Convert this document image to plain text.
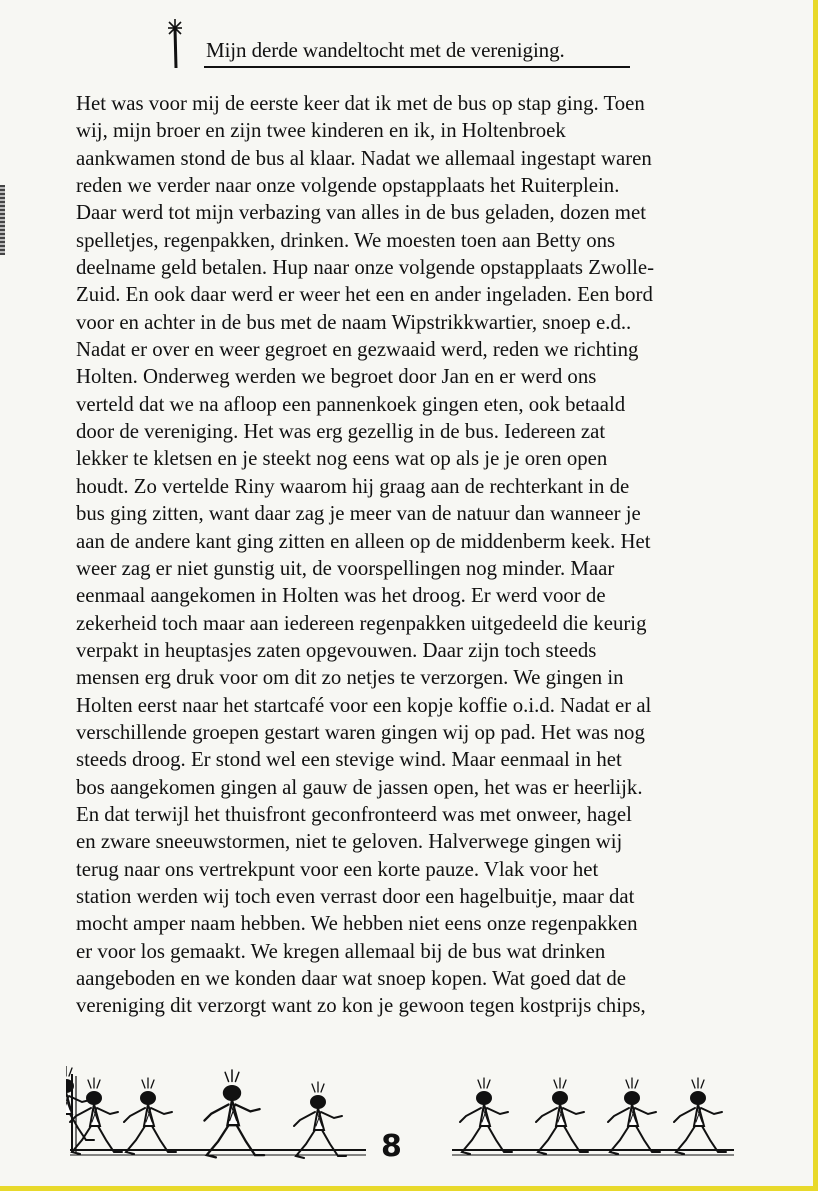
Mijn derde wandeltocht met de vereniging.

Het was voor mij de eerste keer dat ik met de bus op stap ging. Toen
wij, mijn broer en zijn twee kinderen en ik, in Holtenbroek
aankwamen stond de bus al klaar. Nadat we allemaal ingestapt waren
reden we verder naar onze volgende opstapplaats het Ruiterplein.
Daar werd tot mijn verbazing van alles in de bus geladen, dozen met
spelletjes, regenpakken, drinken. We moesten toen aan Betty ons
deelname geld betalen. Hup naar onze volgende opstapplaats Zwolle-
Zuid. En ook daar werd er weer het een en ander ingeladen. Een bord
voor en achter in de bus met de naam Wipstrikkwartier, snoep e.d..
Nadat er over en weer gegroet en gezwaaid werd, reden we richting
Holten. Onderweg werden we begroet door Jan en er werd ons
verteld dat we na afloop een pannenkoek gingen eten, ook betaald
door de vereniging. Het was erg gezellig in de bus. Iedereen zat
lekker te kletsen en je steekt nog eens wat op als je je oren open
houdt. Zo vertelde Riny waarom hij graag aan de rechterkant in de
bus ging zitten, want daar zag je meer van de natuur dan wanneer je
aan de andere kant ging zitten en alleen op de middenberm keek. Het
weer zag er niet gunstig uit, de voorspellingen nog minder. Maar
eenmaal aangekomen in Holten was het droog. Er werd voor de
zekerheid toch maar aan iedereen regenpakken uitgedeeld die keurig
verpakt in heuptasjes zaten opgevouwen. Daar zijn toch steeds
mensen erg druk voor om dit zo netjes te verzorgen. We gingen in
Holten eerst naar het startcafé voor een kopje koffie o.i.d. Nadat er al
verschillende groepen gestart waren gingen wij op pad. Het was nog
steeds droog. Er stond wel een stevige wind. Maar eenmaal in het
bos aangekomen gingen al gauw de jassen open, het was er heerlijk.
En dat terwijl het thuisfront geconfronteerd was met onweer, hagel
en zware sneeuwstormen, niet te geloven. Halverwege gingen wij
terug naar ons vertrekpunt voor een korte pauze. Vlak voor het
station werden wij toch even verrast door een hagelbuitje, maar dat
mocht amper naam hebben. We hebben niet eens onze regenpakken
er voor los gemaakt. We kregen allemaal bij de bus wat drinken
aangeboden en we konden daar wat snoep kopen. Wat goed dat de
vereniging dit verzorgt want zo kon je gewoon tegen kostprijs chips,

8
